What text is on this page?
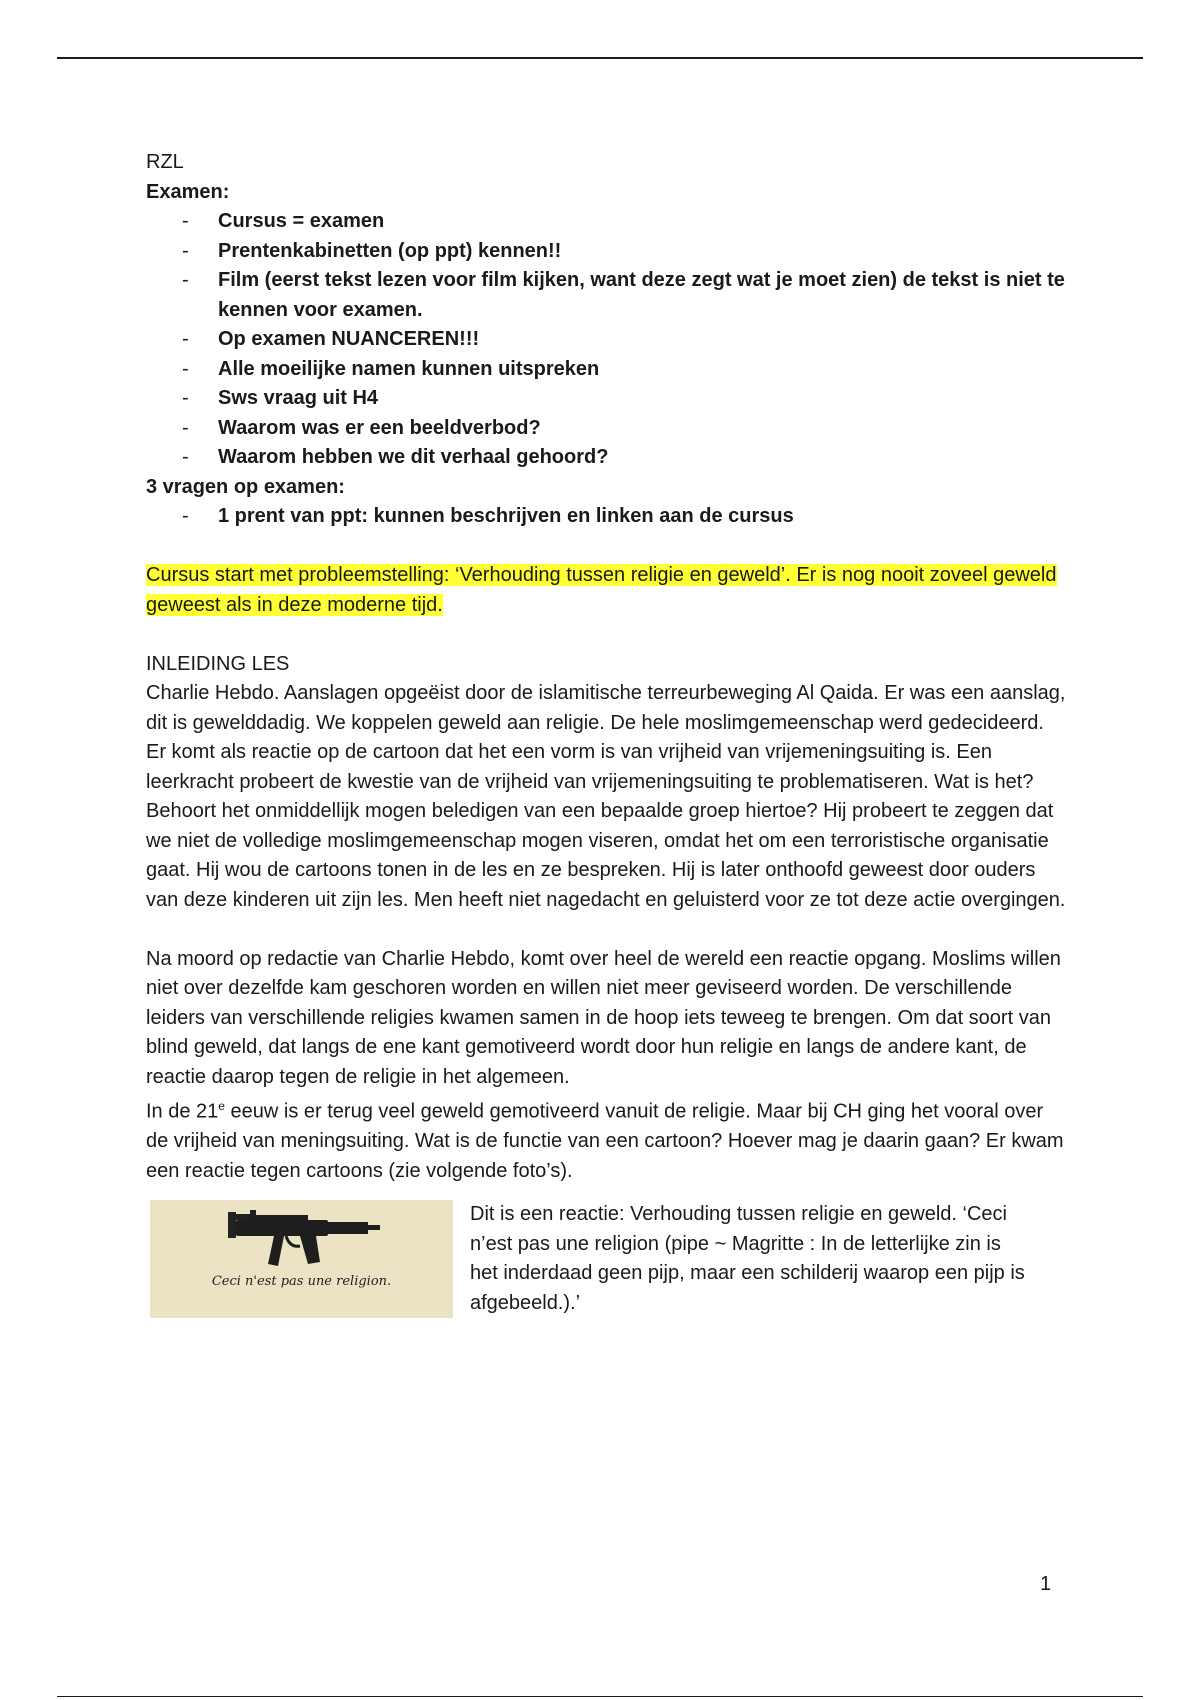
RZL

Examen:

- Cursus = examen
- Prentenkabinetten (op ppt) kennen!!
- Film (eerst tekst lezen voor film kijken, want deze zegt wat je moet zien) de tekst is niet te kennen voor examen.
- Op examen NUANCEREN!!!
- Alle moeilijke namen kunnen uitspreken
- Sws vraag uit H4
- Waarom was er een beeldverbod?
- Waarom hebben we dit verhaal gehoord?

3 vragen op examen:

- 1 prent van ppt: kunnen beschrijven en linken aan de cursus

Cursus start met probleemstelling: ‘Verhouding tussen religie en geweld’. Er is nog nooit zoveel geweld geweest als in deze moderne tijd.

INLEIDING LES

Charlie Hebdo. Aanslagen opgeëist door de islamitische terreurbeweging Al Qaida. Er was een aanslag, dit is gewelddadig. We koppelen geweld aan religie. De hele moslimgemeenschap werd gedecideerd. Er komt als reactie op de cartoon dat het een vorm is van vrijheid van vrijemeningsuiting is. Een leerkracht probeert de kwestie van de vrijheid van vrijemeningsuiting te problematiseren. Wat is het? Behoort het onmiddellijk mogen beledigen van een bepaalde groep hiertoe? Hij probeert te zeggen dat we niet de volledige moslimgemeenschap mogen viseren, omdat het om een terroristische organisatie gaat. Hij wou de cartoons tonen in de les en ze bespreken. Hij is later onthoofd geweest door ouders van deze kinderen uit zijn les. Men heeft niet nagedacht en geluisterd voor ze tot deze actie overgingen.

Na moord op redactie van Charlie Hebdo, komt over heel de wereld een reactie opgang. Moslims willen niet over dezelfde kam geschoren worden en willen niet meer geviseerd worden. De verschillende leiders van verschillende religies kwamen samen in de hoop iets teweeg te brengen. Om dat soort van blind geweld, dat langs de ene kant gemotiveerd wordt door hun religie en langs de andere kant, de reactie daarop tegen de religie in het algemeen.

In de 21e eeuw is er terug veel geweld gemotiveerd vanuit de religie. Maar bij CH ging het vooral over de vrijheid van meningsuiting. Wat is de functie van een cartoon? Hoever mag je daarin gaan? Er kwam een reactie tegen cartoons (zie volgende foto’s).

Ceci n'est pas une religion.

Dit is een reactie: Verhouding tussen religie en geweld. ‘Ceci n’est pas une religion (pipe ~ Magritte : In de letterlijke zin is het inderdaad geen pijp, maar een schilderij waarop een pijp is afgebeeld.).’

1
